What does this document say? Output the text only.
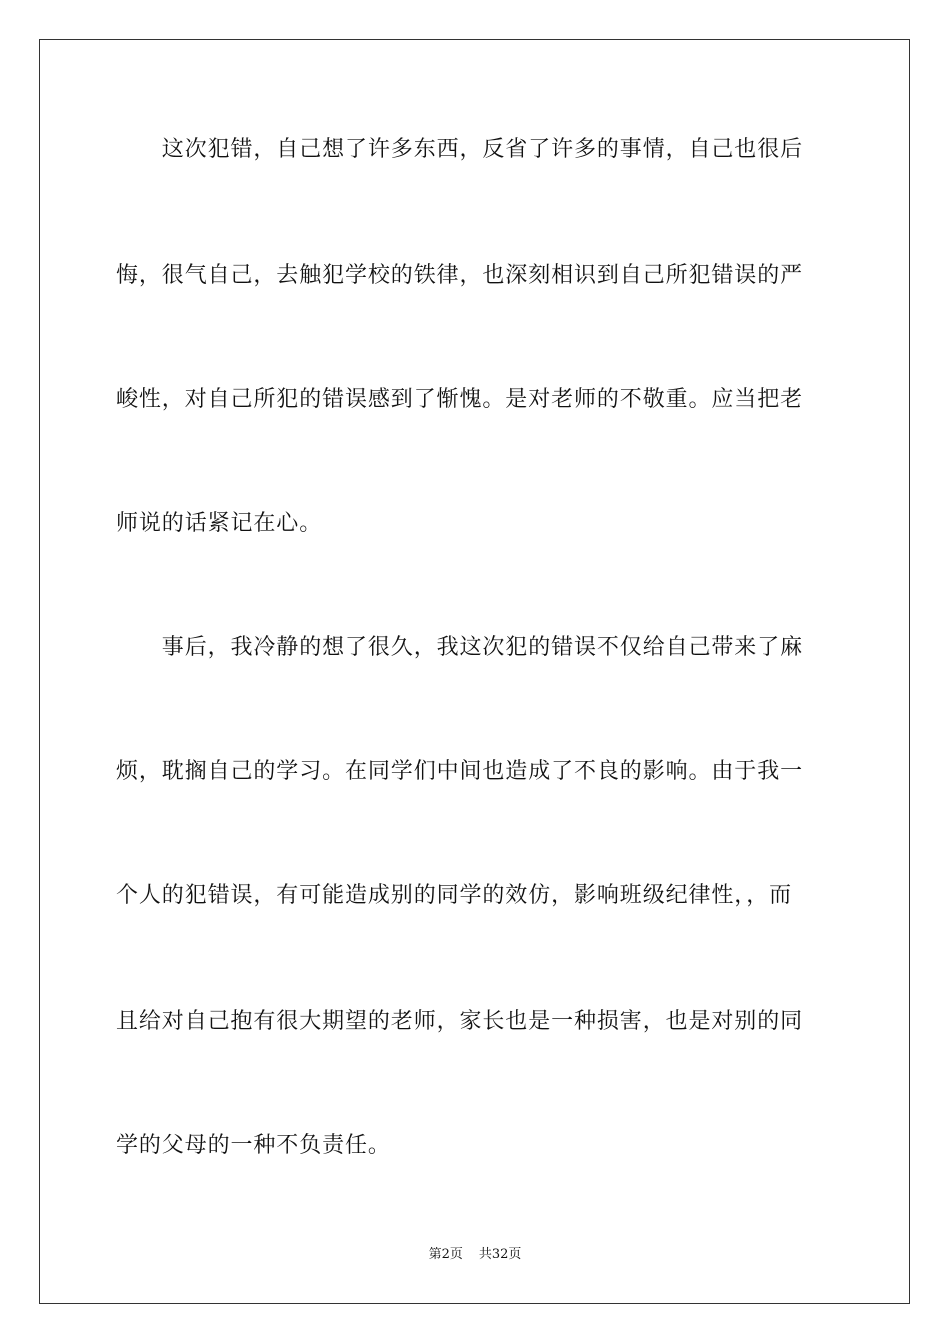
　　这次犯错，自己想了许多东西，反省了许多的事情，自己也很后
悔，很气自己，去触犯学校的铁律，也深刻相识到自己所犯错误的严
峻性，对自己所犯的错误感到了惭愧。是对老师的不敬重。应当把老
师说的话紧记在心。
　　事后，我冷静的想了很久，我这次犯的错误不仅给自己带来了麻
烦，耽搁自己的学习。在同学们中间也造成了不良的影响。由于我一
个人的犯错误，有可能造成别的同学的效仿，影响班级纪律性，，而
且给对自己抱有很大期望的老师，家长也是一种损害，也是对别的同
学的父母的一种不负责任。
第2页 共32页
